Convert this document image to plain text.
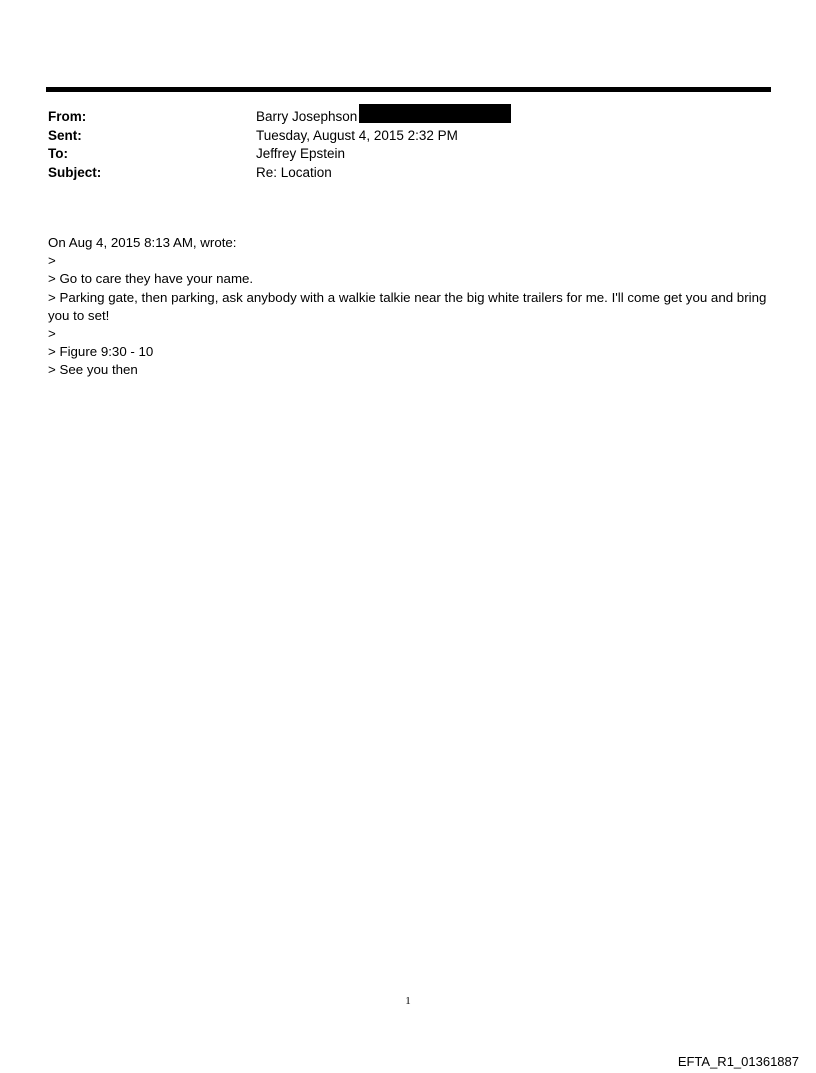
From:	Barry Josephson
Sent:	Tuesday, August 4, 2015 2:32 PM
To:	Jeffrey Epstein
Subject:	Re: Location
On Aug 4, 2015 8:13 AM, wrote:
>
> Go to care they have your name.
> Parking gate, then parking, ask anybody with a walkie talkie near the big white trailers for me. I'll come get you and bring you to set!
>
> Figure 9:30 - 10
> See you then
1
EFTA_R1_01361887
